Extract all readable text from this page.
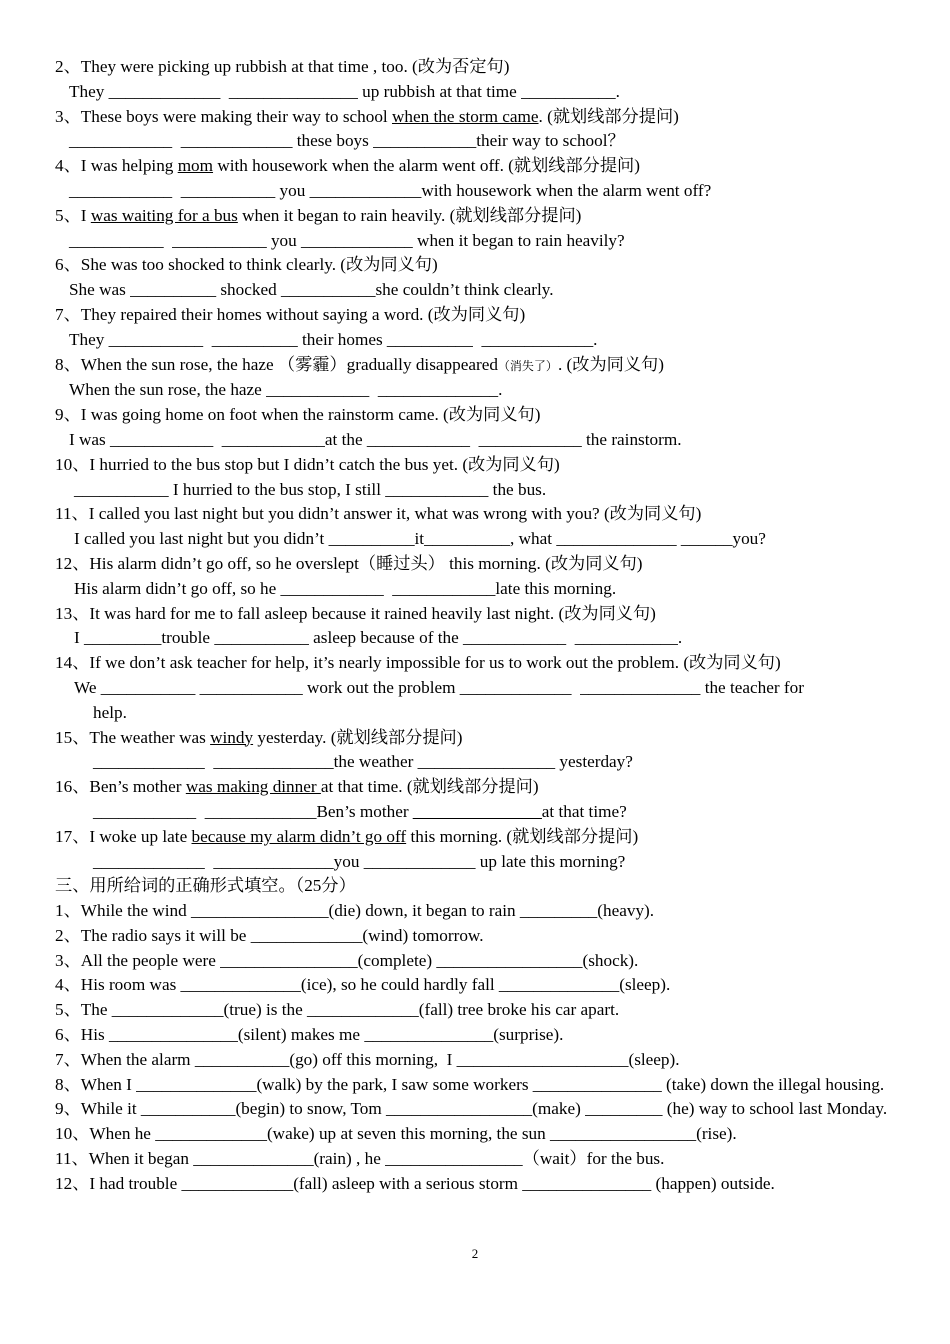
2、They were picking up rubbish at that time , too. (改为否定句)
They _____________  _______________ up rubbish at that time ___________.
3、These boys were making their way to school when the storm came. (就划线部分提问)
____________  _____________ these boys ____________their way to school？
4、I was helping mom with housework when the alarm went off. (就划线部分提问)
____________  ___________ you _____________with housework when the alarm went off?
5、I was waiting for a bus when it began to rain heavily. (就划线部分提问)
___________  ___________ you _____________ when it began to rain heavily?
6、She was too shocked to think clearly. (改为同义句)
She was __________ shocked ___________she couldn’t think clearly.
7、They repaired their homes without saying a word. (改为同义句)
They ___________  __________ their homes __________  _____________.
8、When the sun rose, the haze （雾霾）gradually disappeared（消失了）. (改为同义句)
When the sun rose, the haze ____________  ______________.
9、I was going home on foot when the rainstorm came. (改为同义句)
I was ____________  ____________at the ____________  ____________ the rainstorm.
10、I hurried to the bus stop but I didn’t catch the bus yet. (改为同义句)
___________ I hurried to the bus stop, I still ____________ the bus.
11、I called you last night but you didn’t answer it, what was wrong with you? (改为同义句)
I called you last night but you didn’t __________it__________, what ______________ ______you?
12、His alarm didn’t go off, so he overslept（睡过头） this morning. (改为同义句)
His alarm didn’t go off, so he ____________  ____________late this morning.
13、It was hard for me to fall asleep because it rained heavily last night. (改为同义句)
I _________trouble ___________ asleep because of the ____________  ____________.
14、If we don’t ask teacher for help, it’s nearly impossible for us to work out the problem. (改为同义句)
We ___________ ____________ work out the problem _____________  ______________ the teacher for
help.
15、The weather was windy yesterday. (就划线部分提问)
_____________  ______________the weather ________________ yesterday?
16、Ben’s mother was making dinner at that time. (就划线部分提问)
____________  _____________Ben’s mother _______________at that time?
17、I woke up late because my alarm didn’t go off this morning. (就划线部分提问)
_____________  ______________you _____________ up late this morning?
三、用所给词的正确形式填空。（25分）
1、While the wind ________________(die) down, it began to rain _________(heavy).
2、The radio says it will be _____________(wind) tomorrow.
3、All the people were ________________(complete) _________________(shock).
4、His room was ______________(ice), so he could hardly fall ______________(sleep).
5、The _____________(true) is the _____________(fall) tree broke his car apart.
6、His _______________(silent) makes me _______________(surprise).
7、When the alarm ___________(go) off this morning,  I ____________________(sleep).
8、When I ______________(walk) by the park, I saw some workers _______________ (take) down the illegal housing.
9、While it ___________(begin) to snow, Tom _________________(make) _________ (he) way to school last Monday.
10、When he _____________(wake) up at seven this morning, the sun _________________(rise).
11、When it began ______________(rain) , he ________________（wait）for the bus.
12、I had trouble _____________(fall) asleep with a serious storm _______________ (happen) outside.
2
